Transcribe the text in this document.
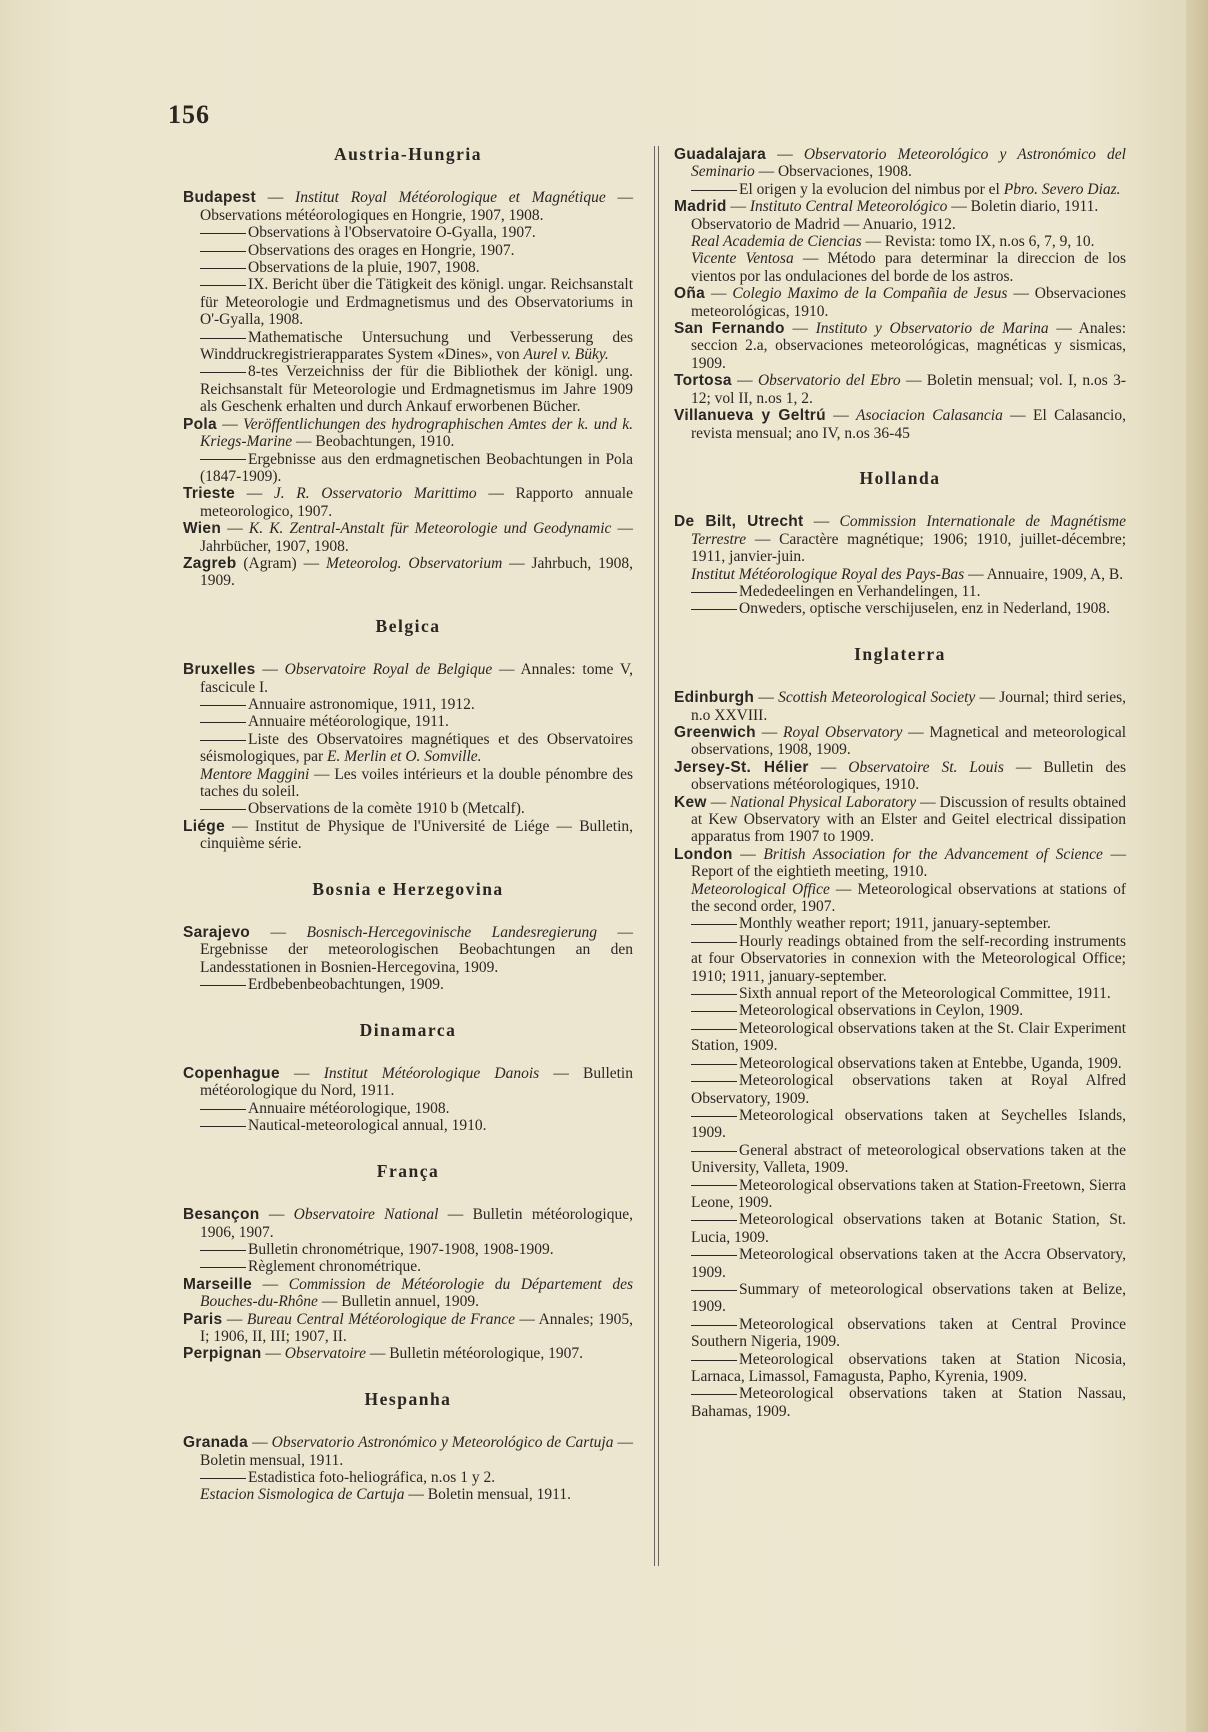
156
Austria-Hungria

Budapest — Institut Royal Météorologique et Magnétique — Observations météorologiques en Hongrie, 1907, 1908.

Observations à l'Observatoire O-Gyalla, 1907.

Observations des orages en Hongrie, 1907.

Observations de la pluie, 1907, 1908.

IX. Bericht über die Tätigkeit des königl. ungar. Reichsanstalt für Meteorologie und Erdmagnetismus und des Observatoriums in O'-Gyalla, 1908.

Mathematische Untersuchung und Verbesserung des Winddruckregistrierapparates System «Dines», von Aurel v. Büky.

8-tes Verzeichniss der für die Bibliothek der königl. ung. Reichsanstalt für Meteorologie und Erdmagnetismus im Jahre 1909 als Geschenk erhalten und durch Ankauf erworbenen Bücher.

Pola — Veröffentlichungen des hydrographischen Amtes der k. und k. Kriegs-Marine — Beobachtungen, 1910.

Ergebnisse aus den erdmagnetischen Beobachtungen in Pola (1847-1909).

Trieste — J. R. Osservatorio Marittimo — Rapporto annuale meteorologico, 1907.

Wien — K. K. Zentral-Anstalt für Meteorologie und Geodynamic — Jahrbücher, 1907, 1908.

Zagreb (Agram) — Meteorolog. Observatorium — Jahrbuch, 1908, 1909.

Belgica

Bruxelles — Observatoire Royal de Belgique — Annales: tome V, fascicule I.

Annuaire astronomique, 1911, 1912.

Annuaire météorologique, 1911.

Liste des Observatoires magnétiques et des Observatoires séismologiques, par E. Merlin et O. Somville.

Mentore Maggini — Les voiles intérieurs et la double pénombre des taches du soleil.

Observations de la comète 1910 b (Metcalf).

Liége — Institut de Physique de l'Université de Liége — Bulletin, cinquième série.

Bosnia e Herzegovina

Sarajevo — Bosnisch-Hercegovinische Landesregierung — Ergebnisse der meteorologischen Beobachtungen an den Landesstationen in Bosnien-Hercegovina, 1909.

Erdbebenbeobachtungen, 1909.

Dinamarca

Copenhague — Institut Météorologique Danois — Bulletin météorologique du Nord, 1911.

Annuaire météorologique, 1908.

Nautical-meteorological annual, 1910.

França

Besançon — Observatoire National — Bulletin météorologique, 1906, 1907.

Bulletin chronométrique, 1907-1908, 1908-1909.

Règlement chronométrique.

Marseille — Commission de Météorologie du Département des Bouches-du-Rhône — Bulletin annuel, 1909.

Paris — Bureau Central Météorologique de France — Annales; 1905, I; 1906, II, III; 1907, II.

Perpignan — Observatoire — Bulletin météorologique, 1907.

Hespanha

Granada — Observatorio Astronómico y Meteorológico de Cartuja — Boletin mensual, 1911.

Estadistica foto-heliográfica, n.os 1 y 2.

Estacion Sismologica de Cartuja — Boletin mensual, 1911.

Guadalajara — Observatorio Meteorológico y Astronómico del Seminario — Observaciones, 1908.

El origen y la evolucion del nimbus por el Pbro. Severo Diaz.

Madrid — Instituto Central Meteorológico — Boletin diario, 1911.

Observatorio de Madrid — Anuario, 1912.

Real Academia de Ciencias — Revista: tomo IX, n.os 6, 7, 9, 10.

Vicente Ventosa — Método para determinar la direccion de los vientos por las ondulaciones del borde de los astros.

Oña — Colegio Maximo de la Compañia de Jesus — Observaciones meteorológicas, 1910.

San Fernando — Instituto y Observatorio de Marina — Anales: seccion 2.a, observaciones meteorológicas, magnéticas y sismicas, 1909.

Tortosa — Observatorio del Ebro — Boletin mensual; vol. I, n.os 3-12; vol II, n.os 1, 2.

Villanueva y Geltrú — Asociacion Calasancia — El Calasancio, revista mensual; ano IV, n.os 36-45

Hollanda

De Bilt, Utrecht — Commission Internationale de Magnétisme Terrestre — Caractère magnétique; 1906; 1910, juillet-décembre; 1911, janvier-juin.

Institut Météorologique Royal des Pays-Bas — Annuaire, 1909, A, B.

Mededeelingen en Verhandelingen, 11.

Onweders, optische verschijuselen, enz in Nederland, 1908.

Inglaterra

Edinburgh — Scottish Meteorological Society — Journal; third series, n.o XXVIII.

Greenwich — Royal Observatory — Magnetical and meteorological observations, 1908, 1909.

Jersey-St. Hélier — Observatoire St. Louis — Bulletin des observations météorologiques, 1910.

Kew — National Physical Laboratory — Discussion of results obtained at Kew Observatory with an Elster and Geitel electrical dissipation apparatus from 1907 to 1909.

London — British Association for the Advancement of Science — Report of the eightieth meeting, 1910.

Meteorological Office — Meteorological observations at stations of the second order, 1907.

Monthly weather report; 1911, january-september.

Hourly readings obtained from the self-recording instruments at four Observatories in connexion with the Meteorological Office; 1910; 1911, january-september.

Sixth annual report of the Meteorological Committee, 1911.

Meteorological observations in Ceylon, 1909.

Meteorological observations taken at the St. Clair Experiment Station, 1909.

Meteorological observations taken at Entebbe, Uganda, 1909.

Meteorological observations taken at Royal Alfred Observatory, 1909.

Meteorological observations taken at Seychelles Islands, 1909.

General abstract of meteorological observations taken at the University, Valleta, 1909.

Meteorological observations taken at Station-Freetown, Sierra Leone, 1909.

Meteorological observations taken at Botanic Station, St. Lucia, 1909.

Meteorological observations taken at the Accra Observatory, 1909.

Summary of meteorological observations taken at Belize, 1909.

Meteorological observations taken at Central Province Southern Nigeria, 1909.

Meteorological observations taken at Station Nicosia, Larnaca, Limassol, Famagusta, Papho, Kyrenia, 1909.

Meteorological observations taken at Station Nassau, Bahamas, 1909.
